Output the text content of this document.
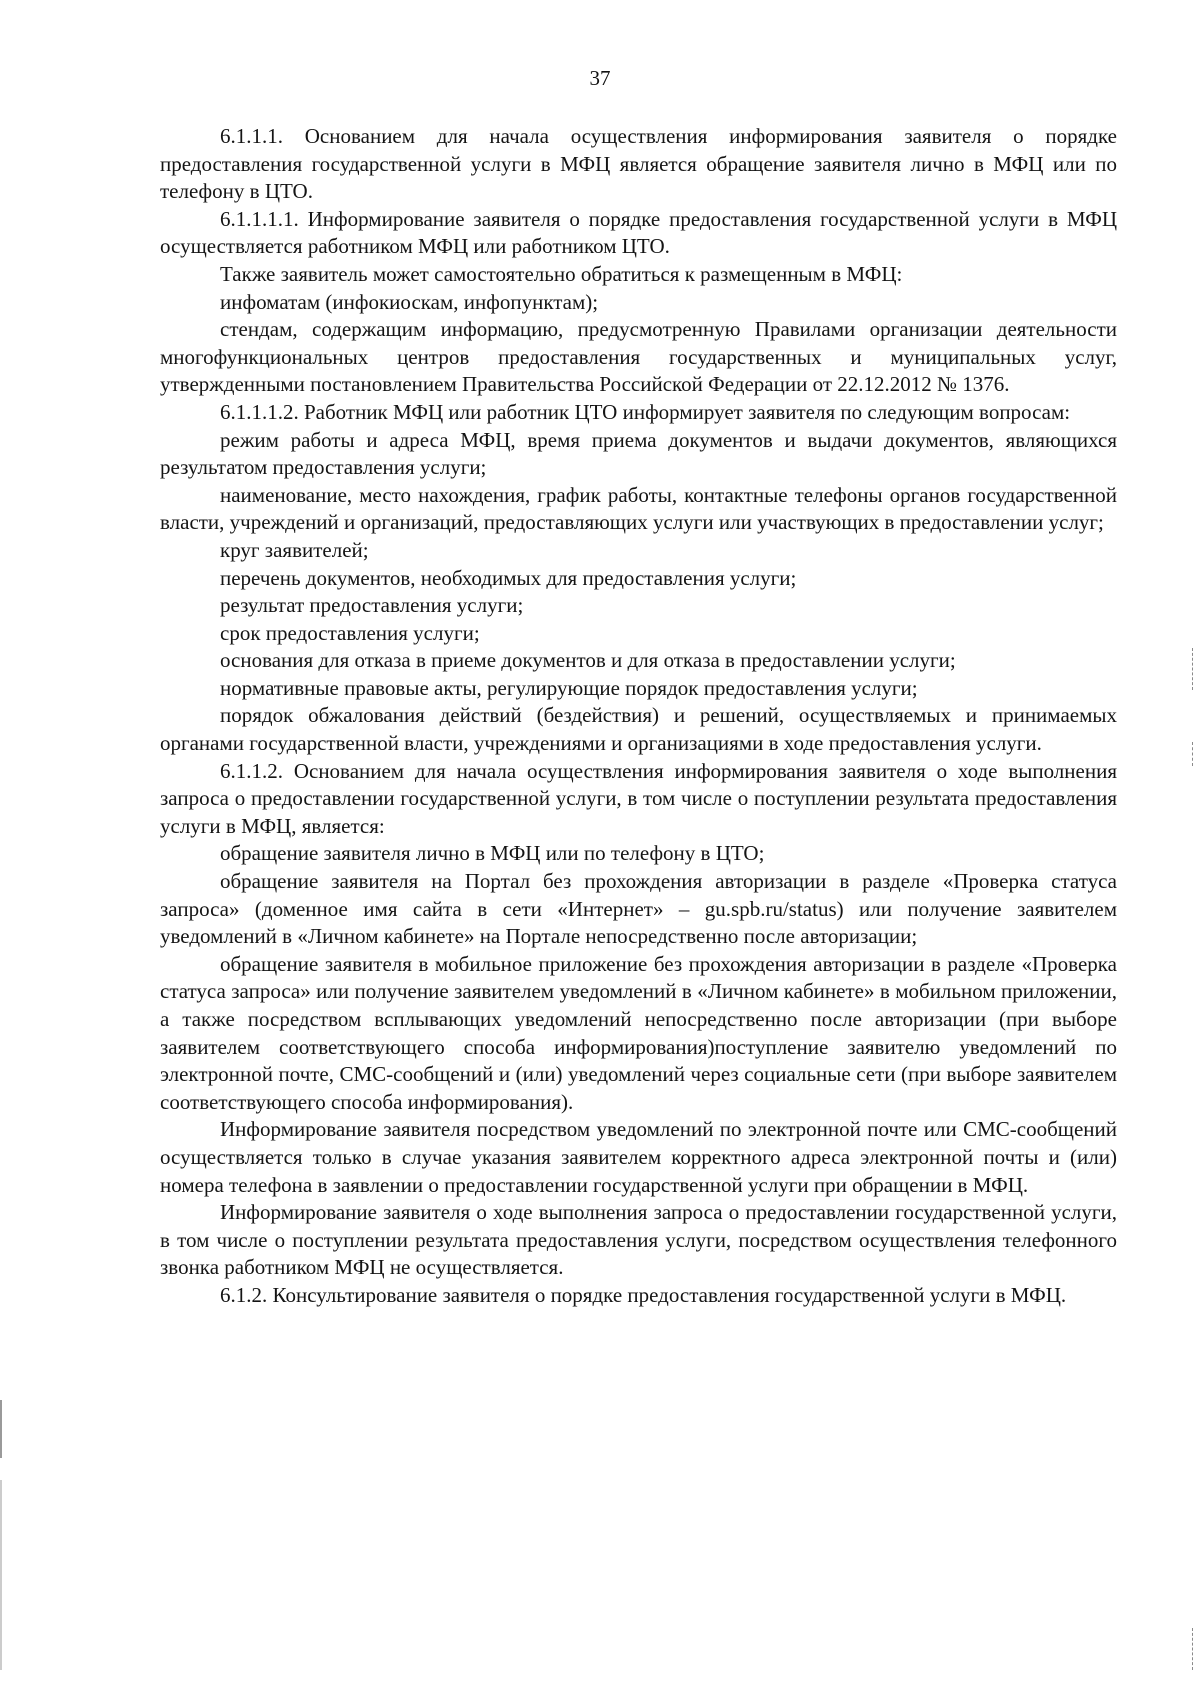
37

6.1.1.1. Основанием для начала осуществления информирования заявителя о порядке предоставления государственной услуги в МФЦ является обращение заявителя лично в МФЦ или по телефону в ЦТО.

6.1.1.1.1. Информирование заявителя о порядке предоставления государственной услуги в МФЦ осуществляется работником МФЦ или работником ЦТО.

Также заявитель может самостоятельно обратиться к размещенным в МФЦ:

инфоматам (инфокиоскам, инфопунктам);

стендам, содержащим информацию, предусмотренную Правилами организации деятельности многофункциональных центров предоставления государственных и муниципальных услуг, утвержденными постановлением Правительства Российской Федерации от 22.12.2012 № 1376.

6.1.1.1.2. Работник МФЦ или работник ЦТО информирует заявителя по следующим вопросам:

режим работы и адреса МФЦ, время приема документов и выдачи документов, являющихся результатом предоставления услуги;

наименование, место нахождения, график работы, контактные телефоны органов государственной власти, учреждений и организаций, предоставляющих услуги или участвующих в предоставлении услуг;

круг заявителей;

перечень документов, необходимых для предоставления услуги;

результат предоставления услуги;

срок предоставления услуги;

основания для отказа в приеме документов и для отказа в предоставлении услуги;

нормативные правовые акты, регулирующие порядок предоставления услуги;

порядок обжалования действий (бездействия) и решений, осуществляемых и принимаемых органами государственной власти, учреждениями и организациями в ходе предоставления услуги.

6.1.1.2. Основанием для начала осуществления информирования заявителя о ходе выполнения запроса о предоставлении государственной услуги, в том числе о поступлении результата предоставления услуги в МФЦ, является:

обращение заявителя лично в МФЦ или по телефону в ЦТО;

обращение заявителя на Портал без прохождения авторизации в разделе «Проверка статуса запроса» (доменное имя сайта в сети «Интернет» – gu.spb.ru/status) или получение заявителем уведомлений в «Личном кабинете» на Портале непосредственно после авторизации;

обращение заявителя в мобильное приложение без прохождения авторизации в разделе «Проверка статуса запроса» или получение заявителем уведомлений в «Личном кабинете» в мобильном приложении, а также посредством всплывающих уведомлений непосредственно после авторизации (при выборе заявителем соответствующего способа информирования)поступление заявителю уведомлений по электронной почте, СМС-сообщений и (или) уведомлений через социальные сети (при выборе заявителем соответствующего способа информирования).

Информирование заявителя посредством уведомлений по электронной почте или СМС-сообщений осуществляется только в случае указания заявителем корректного адреса электронной почты и (или) номера телефона в заявлении о предоставлении государственной услуги при обращении в МФЦ.

Информирование заявителя о ходе выполнения запроса о предоставлении государственной услуги, в том числе о поступлении результата предоставления услуги, посредством осуществления телефонного звонка работником МФЦ не осуществляется.

6.1.2. Консультирование заявителя о порядке предоставления государственной услуги в МФЦ.
